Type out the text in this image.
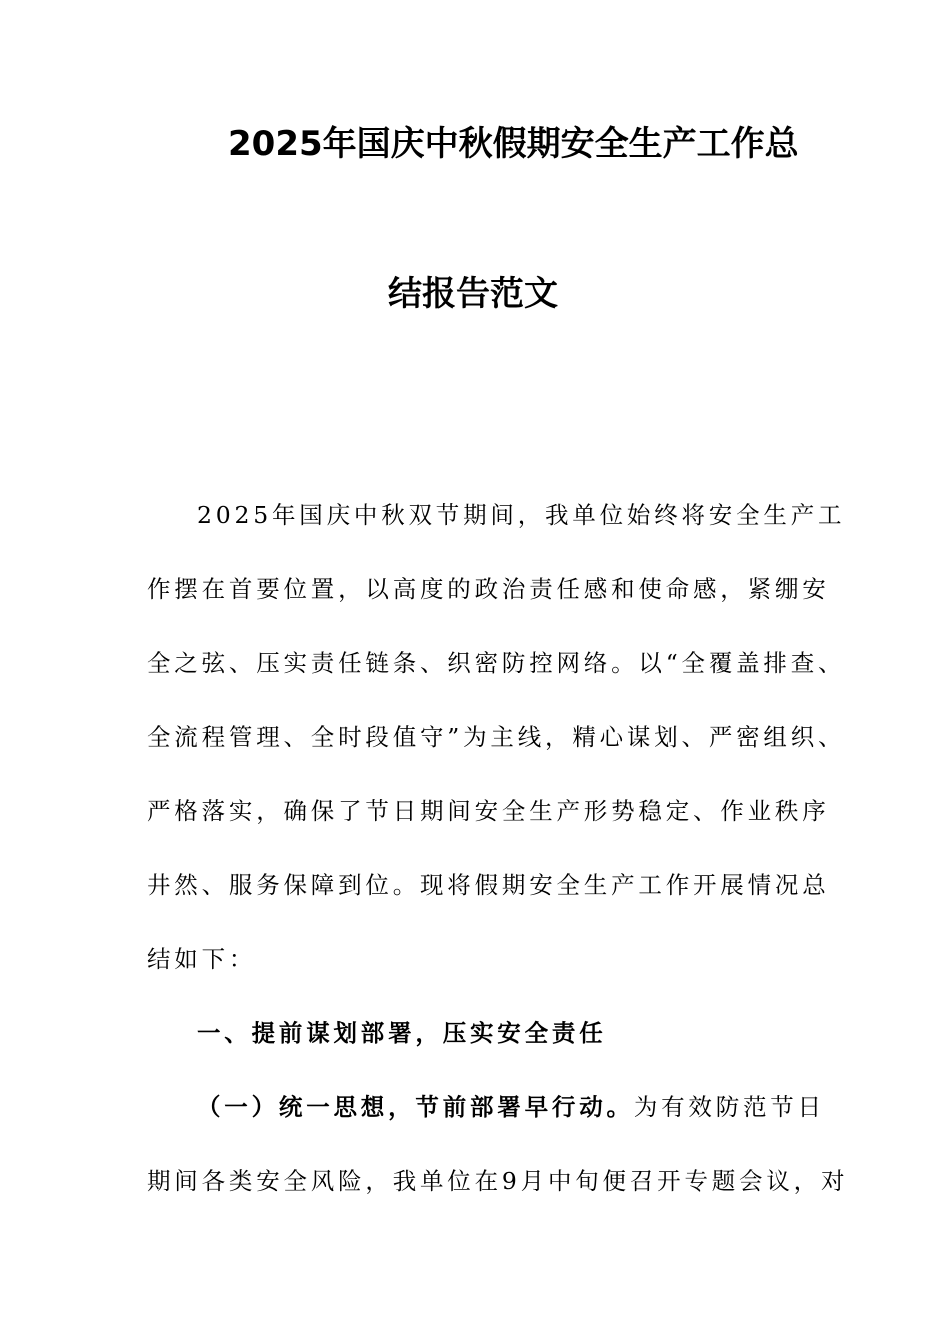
2025年国庆中秋假期安全生产工作总
结报告范文
2025年国庆中秋双节期间，我单位始终将安全生产工
作摆在首要位置，以高度的政治责任感和使命感，紧绷安
全之弦、压实责任链条、织密防控网络。以“全覆盖排查、
全流程管理、全时段值守”为主线，精心谋划、严密组织、
严格落实，确保了节日期间安全生产形势稳定、作业秩序
井然、服务保障到位。现将假期安全生产工作开展情况总
结如下：
一、提前谋划部署，压实安全责任
（一）统一思想，节前部署早行动。为有效防范节日
期间各类安全风险，我单位在9月中旬便召开专题会议，对
